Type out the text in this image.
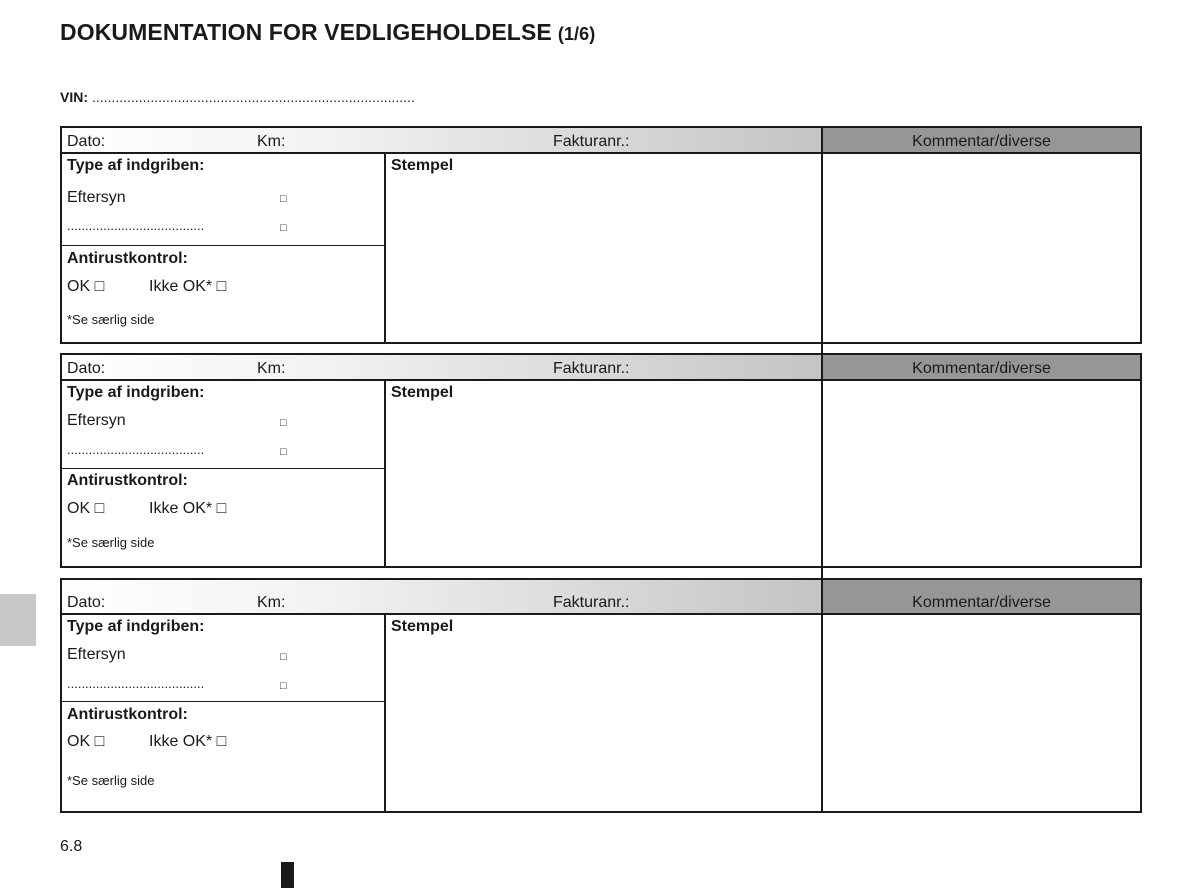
DOKUMENTATION FOR VEDLIGEHOLDELSE (1/6)
VIN: ...................................................................................
Dato:	Km:	Fakturanr.:	Kommentar/diverse
Type af indgriben:
Eftersyn	□
......................................	□
Antirustkontrol:
OK □	Ikke OK* □
*Se særlig side
Stempel
Dato:	Km:	Fakturanr.:	Kommentar/diverse
Type af indgriben:
Eftersyn	□
......................................	□
Antirustkontrol:
OK □	Ikke OK* □
*Se særlig side
Stempel
Dato:	Km:	Fakturanr.:	Kommentar/diverse
Type af indgriben:
Eftersyn	□
......................................	□
Antirustkontrol:
OK □	Ikke OK* □
*Se særlig side
Stempel
6.8
